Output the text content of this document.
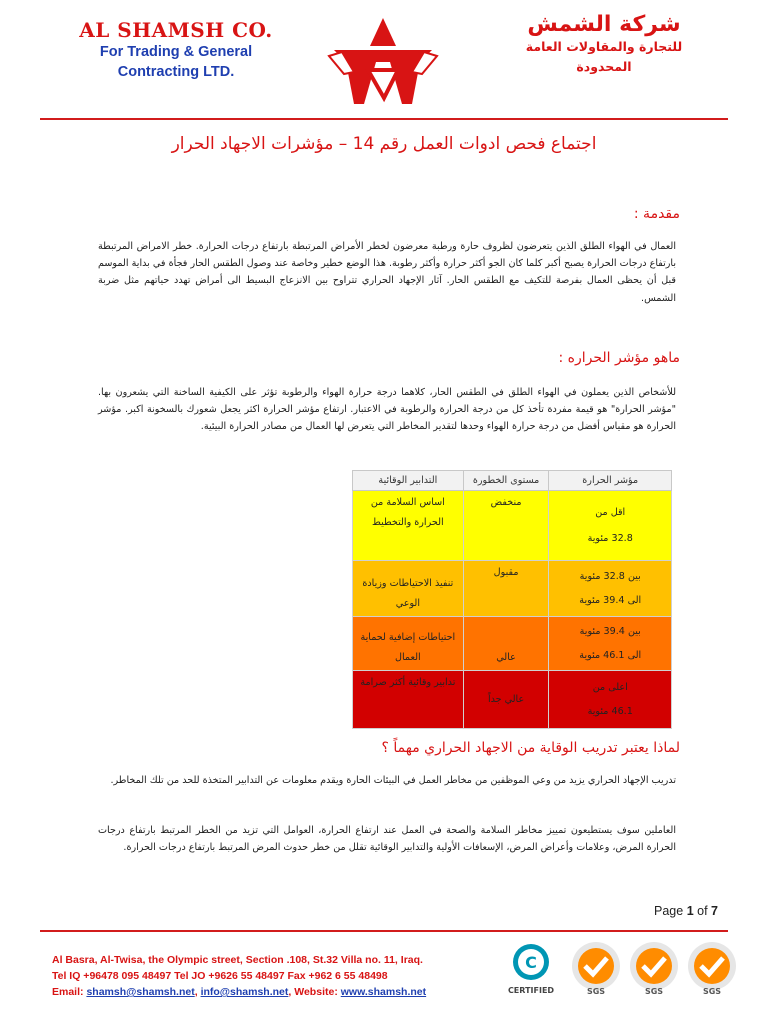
AL SHAMSH CO.
For Trading & General
Contracting LTD.
شركة الشمش
للتجارة والمقاولات العامة
المحدودة
اجتماع فحص ادوات العمل رقم 14 – مؤشرات الاجهاد الحرار
مقدمة :
العمال في الهواء الطلق الذين يتعرضون لظروف حارة ورطبة معرضون لخطر الأمراض المرتبطة بارتفاع درجات الحرارة. خطر الامراض المرتبطة بارتفاع درجات الحرارة يصبح أكبر كلما كان الجو أكثر حرارة وأكثر رطوبة. هذا الوضع خطير وخاصة عند وصول الطقس الحار فجأة في بداية الموسم قبل أن يحظى العمال بفرصة للتكيف مع الطقس الحار. آثار الإجهاد الحراري تتراوح بين الانزعاج البسيط الى أمراض تهدد حياتهم مثل ضربة الشمس.
ماهو مؤشر الحراره :
للأشخاص الذين يعملون في الهواء الطلق في الطقس الحار، كلاهما درجة حرارة الهواء والرطوبة تؤثر على الكيفية الساخنة التي يشعرون بها. "مؤشر الحرارة" هو قيمة مفردة تأخذ كل من درجة الحرارة والرطوبة في الاعتبار. ارتفاع مؤشر الحرارة اكثر يجعل شعورك بالسخونة اكبر. مؤشر الحرارة هو مقياس أفضل من درجة حرارة الهواء وحدها لتقدير المخاطر التي يتعرض لها العمال من مصادر الحرارة البيئية.
مؤشر الحرارة	مستوى الخطورة	التدابير الوقائية

اقل من
32.8 مئوية	منخفض	اساس السلامة من الحرارة والتخطيط

بين 32.8 مئوية
الى 39.4 مئوية	مقبول	تنفيذ الاحتياطات وزيادة الوعي

بين 39.4 مئوية
الى 46.1 مئوية	عالي	احتياطات إضافية لحماية العمال

اعلى من
46.1 مئوية	عالي جداً	تدابير وقائية أكثر صرامة
لماذا يعتبر تدريب الوقاية من الاجهاد الحراري مهماً ؟
تدريب الإجهاد الحراري يزيد من وعي الموظفين من مخاطر العمل في البيئات الحارة ويقدم معلومات عن التدابير المتخذة للحد من تلك المخاطر.
العاملين سوف يستطيعون تمييز مخاطر السلامة والصحة في العمل عند ارتفاع الحرارة، العوامل التي تزيد من الخطر المرتبط بارتفاع درجات الحرارة المرض، وعلامات وأعراض المرض، الإسعافات الأولية والتدابير الوقائية تقلل من خطر حدوث المرض المرتبط بارتفاع درجات الحرارة.
Page 1 of 7
Al Basra, Al-Twisa, the Olympic street, Section .108, St.32 Villa no. 11, Iraq.
Tel IQ +96478 095 48497 Tel JO +9626 55 48497 Fax +962 6 55 48498
Email: shamsh@shamsh.net, info@shamsh.net, Website: www.shamsh.net
C
CERTIFIED	SGS	SGS	SGS
